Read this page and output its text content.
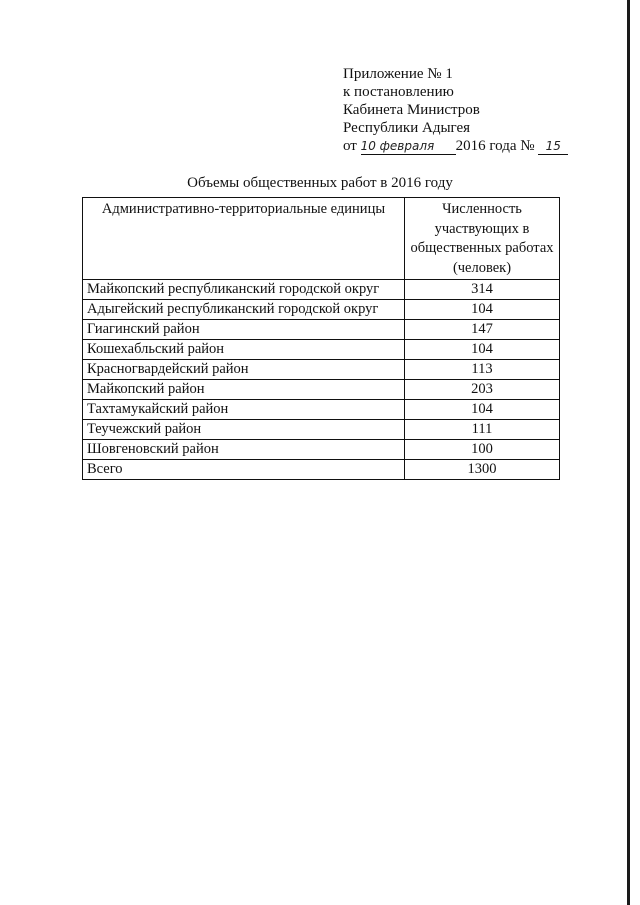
Приложение № 1
к постановлению
Кабинета Министров
Республики Адыгея
от 10 февраля 2016 года № 15
Объемы общественных работ в 2016 году
Административно-территориальные единицы	Численность участвующих в общественных работах (человек)
Майкопский республиканский городской округ	314
Адыгейский республиканский городской округ	104
Гиагинский район	147
Кошехабльский район	104
Красногвардейский район	113
Майкопский район	203
Тахтамукайский район	104
Теучежский район	111
Шовгеновский район	100
Всего	1300
